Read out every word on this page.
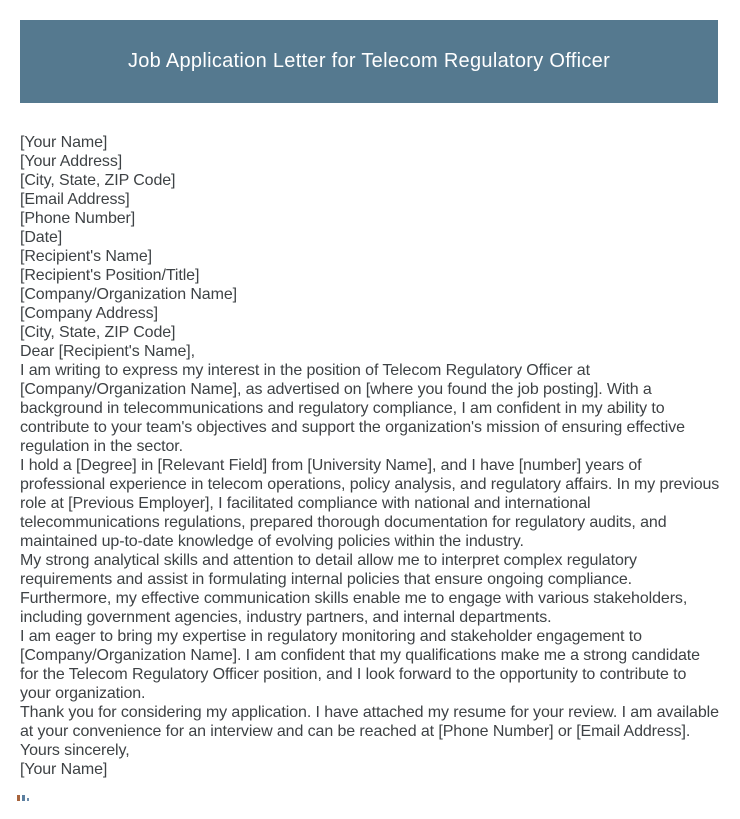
Job Application Letter for Telecom Regulatory Officer

[Your Name]

[Your Address]

[City, State, ZIP Code]

[Email Address]

[Phone Number]

[Date]

[Recipient's Name]

[Recipient's Position/Title]

[Company/Organization Name]

[Company Address]

[City, State, ZIP Code]

Dear [Recipient's Name],

I am writing to express my interest in the position of Telecom Regulatory Officer at [Company/Organization Name], as advertised on [where you found the job posting]. With a background in telecommunications and regulatory compliance, I am confident in my ability to contribute to your team's objectives and support the organization's mission of ensuring effective regulation in the sector.

I hold a [Degree] in [Relevant Field] from [University Name], and I have [number] years of professional experience in telecom operations, policy analysis, and regulatory affairs. In my previous role at [Previous Employer], I facilitated compliance with national and international telecommunications regulations, prepared thorough documentation for regulatory audits, and maintained up-to-date knowledge of evolving policies within the industry.

My strong analytical skills and attention to detail allow me to interpret complex regulatory requirements and assist in formulating internal policies that ensure ongoing compliance. Furthermore, my effective communication skills enable me to engage with various stakeholders, including government agencies, industry partners, and internal departments.

I am eager to bring my expertise in regulatory monitoring and stakeholder engagement to [Company/Organization Name]. I am confident that my qualifications make me a strong candidate for the Telecom Regulatory Officer position, and I look forward to the opportunity to contribute to your organization.

Thank you for considering my application. I have attached my resume for your review. I am available at your convenience for an interview and can be reached at [Phone Number] or [Email Address].

Yours sincerely,

[Your Name]
